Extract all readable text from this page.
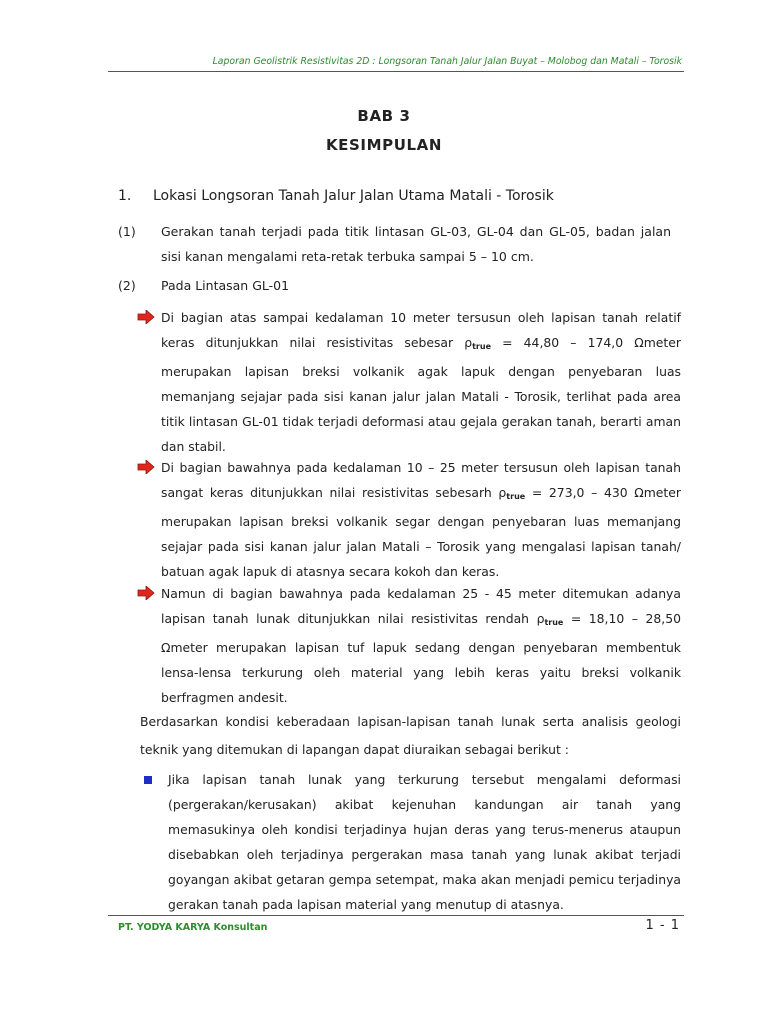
Laporan Geolistrik Resistivitas 2D : Longsoran Tanah Jalur Jalan Buyat – Molobog dan Matali – Torosik
BAB 3
KESIMPULAN
1. Lokasi Longsoran Tanah Jalur Jalan Utama Matali - Torosik
(1) Gerakan tanah terjadi pada titik lintasan GL-03, GL-04 dan GL-05, badan jalan sisi kanan mengalami reta-retak terbuka sampai 5 – 10 cm.
(2) Pada Lintasan GL-01
Di bagian atas sampai kedalaman 10 meter tersusun oleh lapisan tanah relatif keras ditunjukkan nilai resistivitas sebesar $\rho_{true} = 44,80 - 174,0$ Ωmeter merupakan lapisan breksi volkanik agak lapuk dengan penyebaran luas memanjang sejajar pada sisi kanan jalur jalan Matali - Torosik, terlihat pada area titik lintasan GL-01 tidak terjadi deformasi atau gejala gerakan tanah, berarti aman dan stabil.
Di bagian bawahnya pada kedalaman 10 – 25 meter tersusun oleh lapisan tanah sangat keras ditunjukkan nilai resistivitas sebesarh $\rho_{true} = 273,0 - 430$ Ωmeter merupakan lapisan breksi volkanik segar dengan penyebaran luas memanjang sejajar pada sisi kanan jalur jalan Matali – Torosik yang mengalasi lapisan tanah/ batuan agak lapuk di atasnya secara kokoh dan keras.
Namun di bagian bawahnya pada kedalaman 25 - 45 meter ditemukan adanya lapisan tanah lunak ditunjukkan nilai resistivitas rendah $\rho_{true} = 18,10 - 28,50$ Ωmeter merupakan lapisan tuf lapuk sedang dengan penyebaran membentuk lensa-lensa terkurung oleh material yang lebih keras yaitu breksi volkanik berfragmen andesit.
Berdasarkan kondisi keberadaan lapisan-lapisan tanah lunak serta analisis geologi teknik yang ditemukan di lapangan dapat diuraikan sebagai berikut :
Jika lapisan tanah lunak yang terkurung tersebut mengalami deformasi (pergerakan/kerusakan) akibat kejenuhan kandungan air tanah yang memasukinya oleh kondisi terjadinya hujan deras yang terus-menerus ataupun disebabkan oleh terjadinya pergerakan masa tanah yang lunak akibat terjadi goyangan akibat getaran gempa setempat, maka akan menjadi pemicu terjadinya gerakan tanah pada lapisan material yang menutup di atasnya.
PT. YODYA KARYA Konsultan	1 - 1
